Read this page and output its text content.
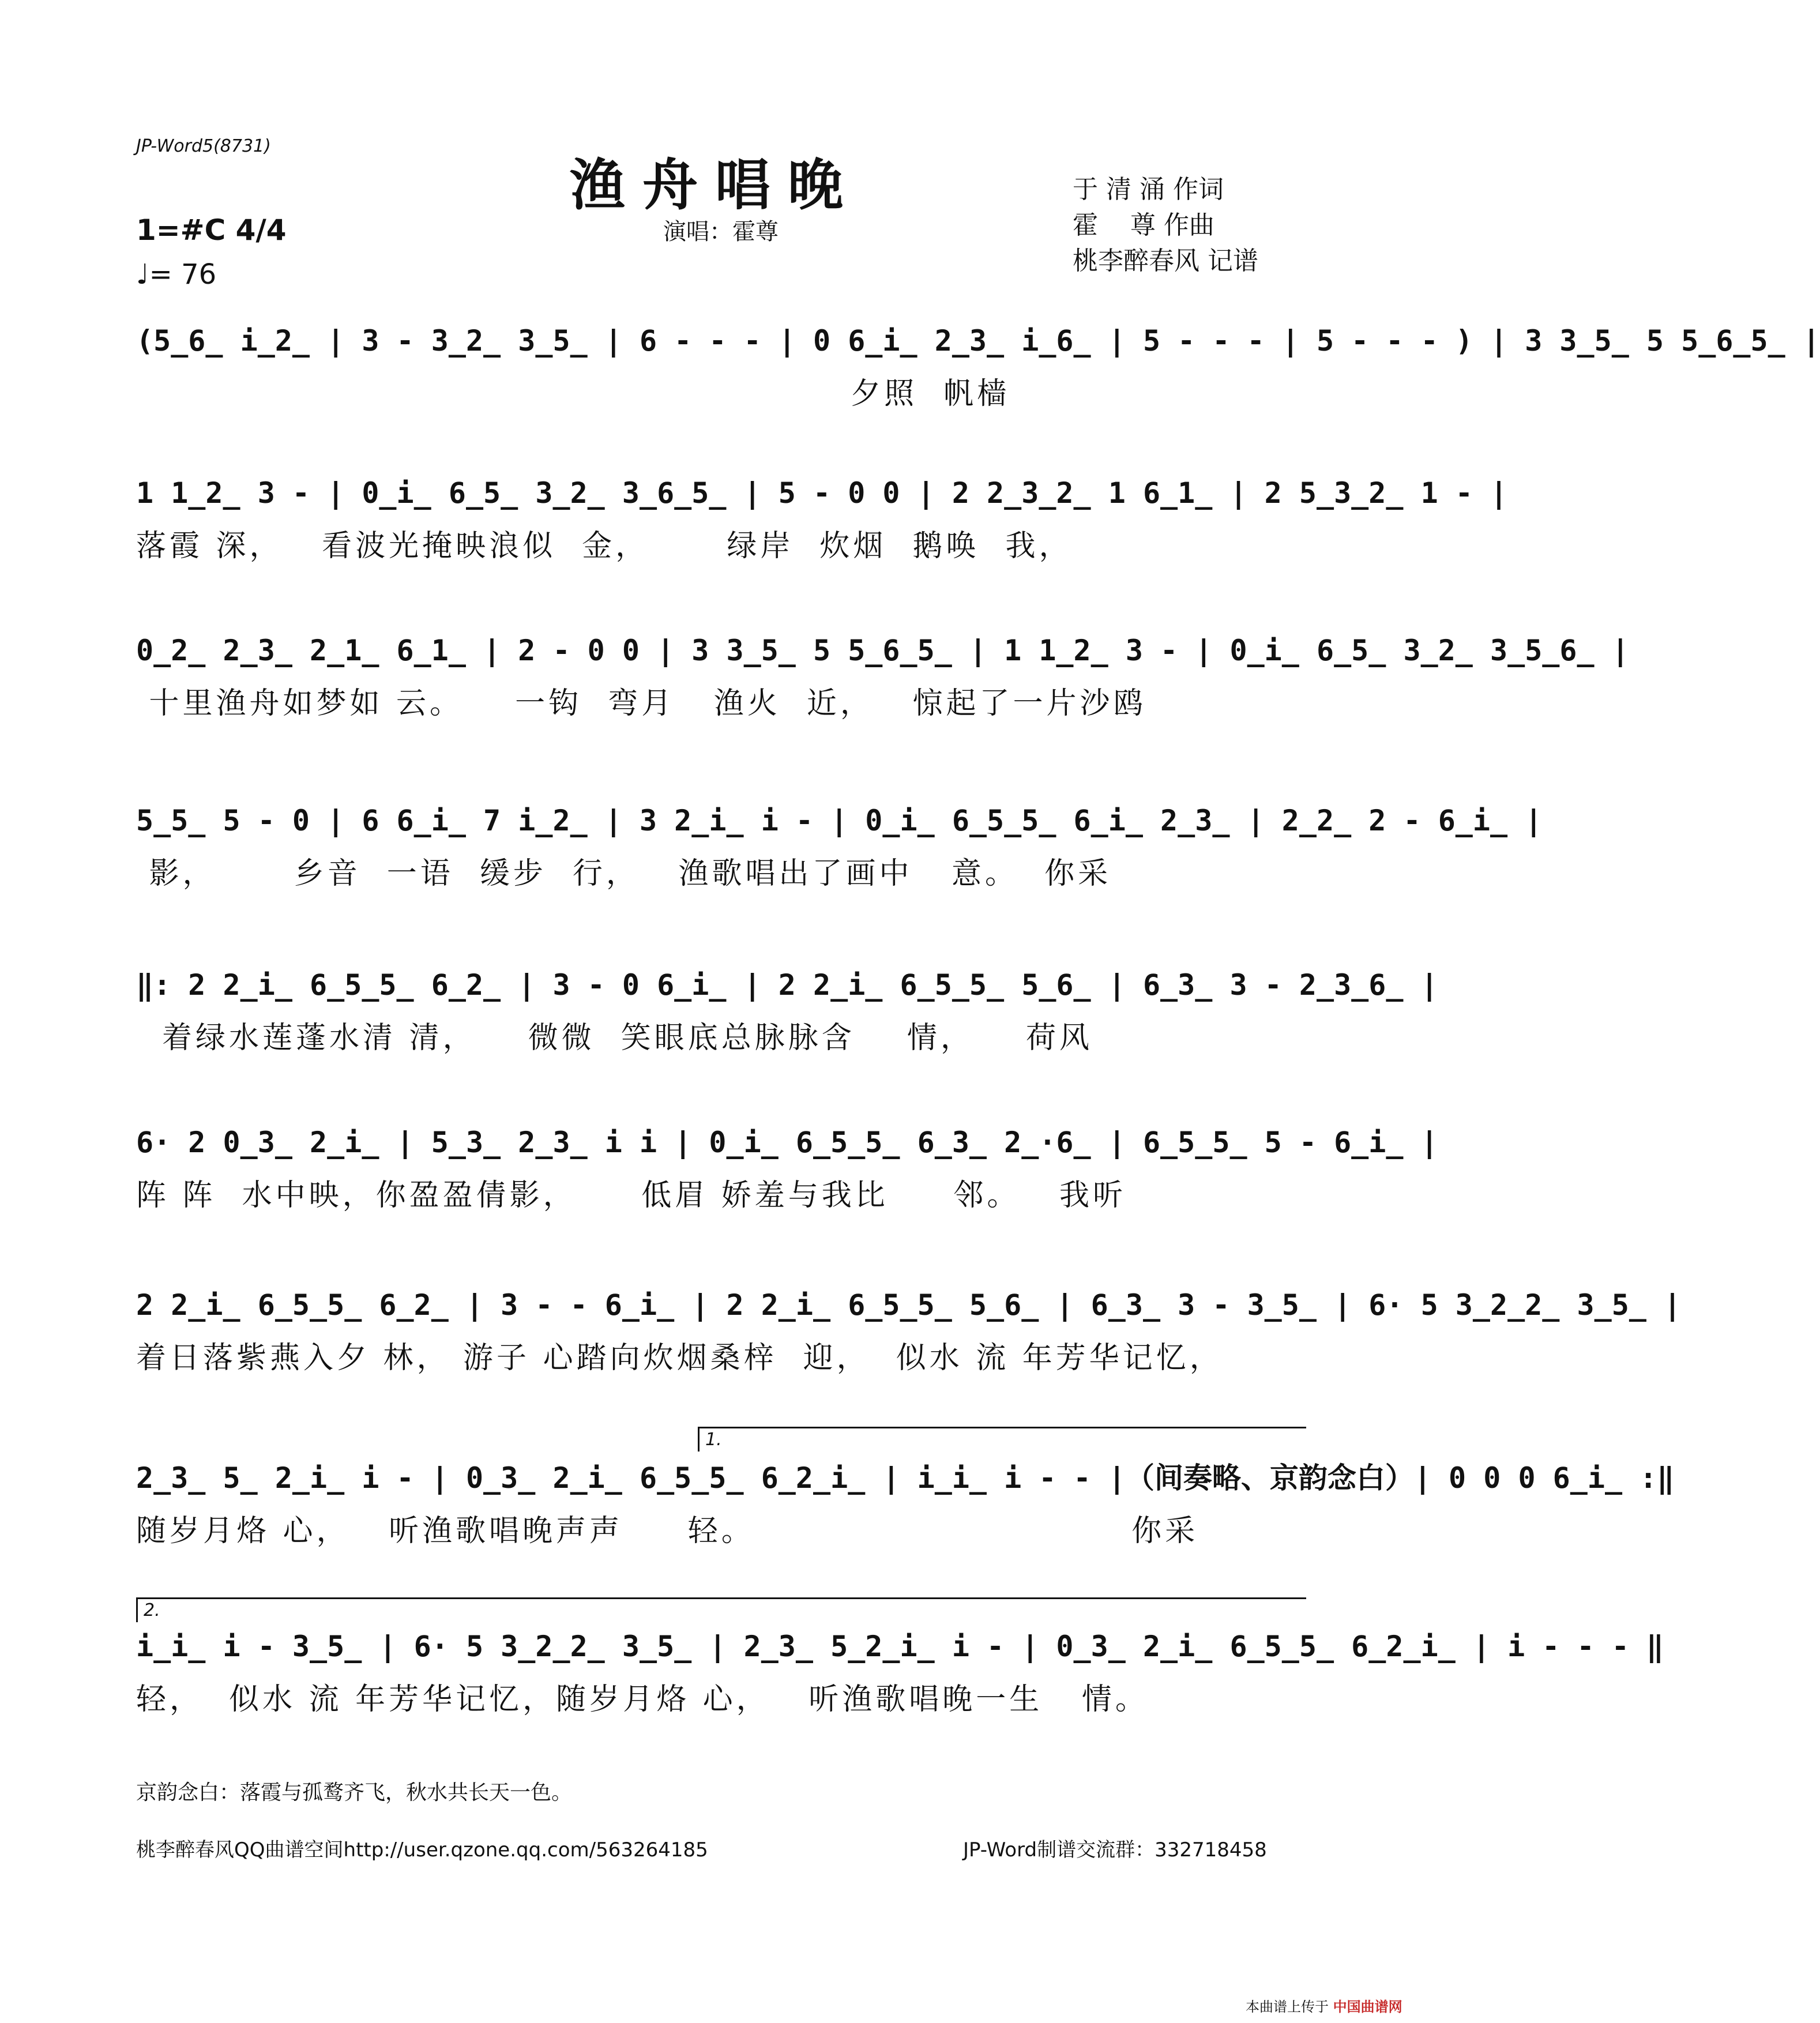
JP-Word5(8731)
渔舟唱晚
演唱：霍尊
于 清 涌 作词
霍    尊 作曲
桃李醉春风 记谱
1=#C 4/4
♩= 76
(5̲6̲ i̲2̲ | 3 - 3̲2̲ 3̲5̲ | 6 - - - | 0 6̲i̲ 2̲3̲ i̲6̲ | 5 - - - | 5 - - - ) | 3 3̲5̲ 5 5̲6̲5̲ |
夕照  帆樯
1 1̲2̲ 3 - | 0̲i̲ 6̲5̲ 3̲2̲ 3̲6̲5̲ | 5 - 0 0 | 2 2̲3̲2̲ 1 6̲1̲ | 2 5̲3̲2̲ 1 - |
落霞 深，   看波光掩映浪似  金，      绿岸  炊烟  鹅唤  我，
0̲2̲ 2̲3̲ 2̲1̲ 6̲1̲ | 2 - 0 0 | 3 3̲5̲ 5 5̲6̲5̲ | 1 1̲2̲ 3 - | 0̲i̲ 6̲5̲ 3̲2̲ 3̲5̲6̲ |
十里渔舟如梦如 云。    一钩  弯月   渔火  近，   惊起了一片沙鸥
5̲5̲ 5 - 0 | 6 6̲i̲ 7 i̲2̲ | 3 2̲i̲ i - | 0̲i̲ 6̲5̲5̲ 6̲i̲ 2̲3̲ | 2̲2̲ 2 - 6̲i̲ |
影，      乡音  一语  缓步  行，   渔歌唱出了画中   意。  你采
‖: 2 2̲i̲ 6̲5̲5̲ 6̲2̲ | 3 - 0 6̲i̲ | 2 2̲i̲ 6̲5̲5̲ 5̲6̲ | 6̲3̲ 3 - 2̲3̲6̲ |
着绿水莲蓬水清 清，    微微  笑眼底总脉脉含    情，    荷风
6· 2 0̲3̲ 2̲i̲ | 5̲3̲ 2̲3̲ i i | 0̲i̲ 6̲5̲5̲ 6̲3̲ 2̲·6̲ | 6̲5̲5̲ 5 - 6̲i̲ |
阵 阵  水中映，你盈盈倩影，     低眉 娇羞与我比     邻。   我听
2 2̲i̲ 6̲5̲5̲ 6̲2̲ | 3 - - 6̲i̲ | 2 2̲i̲ 6̲5̲5̲ 5̲6̲ | 6̲3̲ 3 - 3̲5̲ | 6· 5 3̲2̲2̲ 3̲5̲ |
着日落紫燕入夕 林， 游子 心踏向炊烟桑梓  迎，  似水 流 年芳华记忆，
1.
2̲3̲ 5̲ 2̲i̲ i - | 0̲3̲ 2̲i̲ 6̲5̲5̲ 6̲2̲i̲ | i̲i̲ i - - |（间奏略、京韵念白）| 0 0 0 6̲i̲ :‖
随岁月烙 心，   听渔歌唱晚声声     轻。                             你采
2.
i̲i̲ i - 3̲5̲ | 6· 5 3̲2̲2̲ 3̲5̲ | 2̲3̲ 5̲2̲i̲ i - | 0̲3̲ 2̲i̲ 6̲5̲5̲ 6̲2̲i̲ | i - - - ‖
轻，  似水 流 年芳华记忆，随岁月烙 心，   听渔歌唱晚一生   情。
京韵念白：落霞与孤鹜齐飞，秋水共长天一色。
桃李醉春风QQ曲谱空间http://user.qzone.qq.com/563264185	JP-Word制谱交流群：332718458
本曲谱上传于 中国曲谱网
